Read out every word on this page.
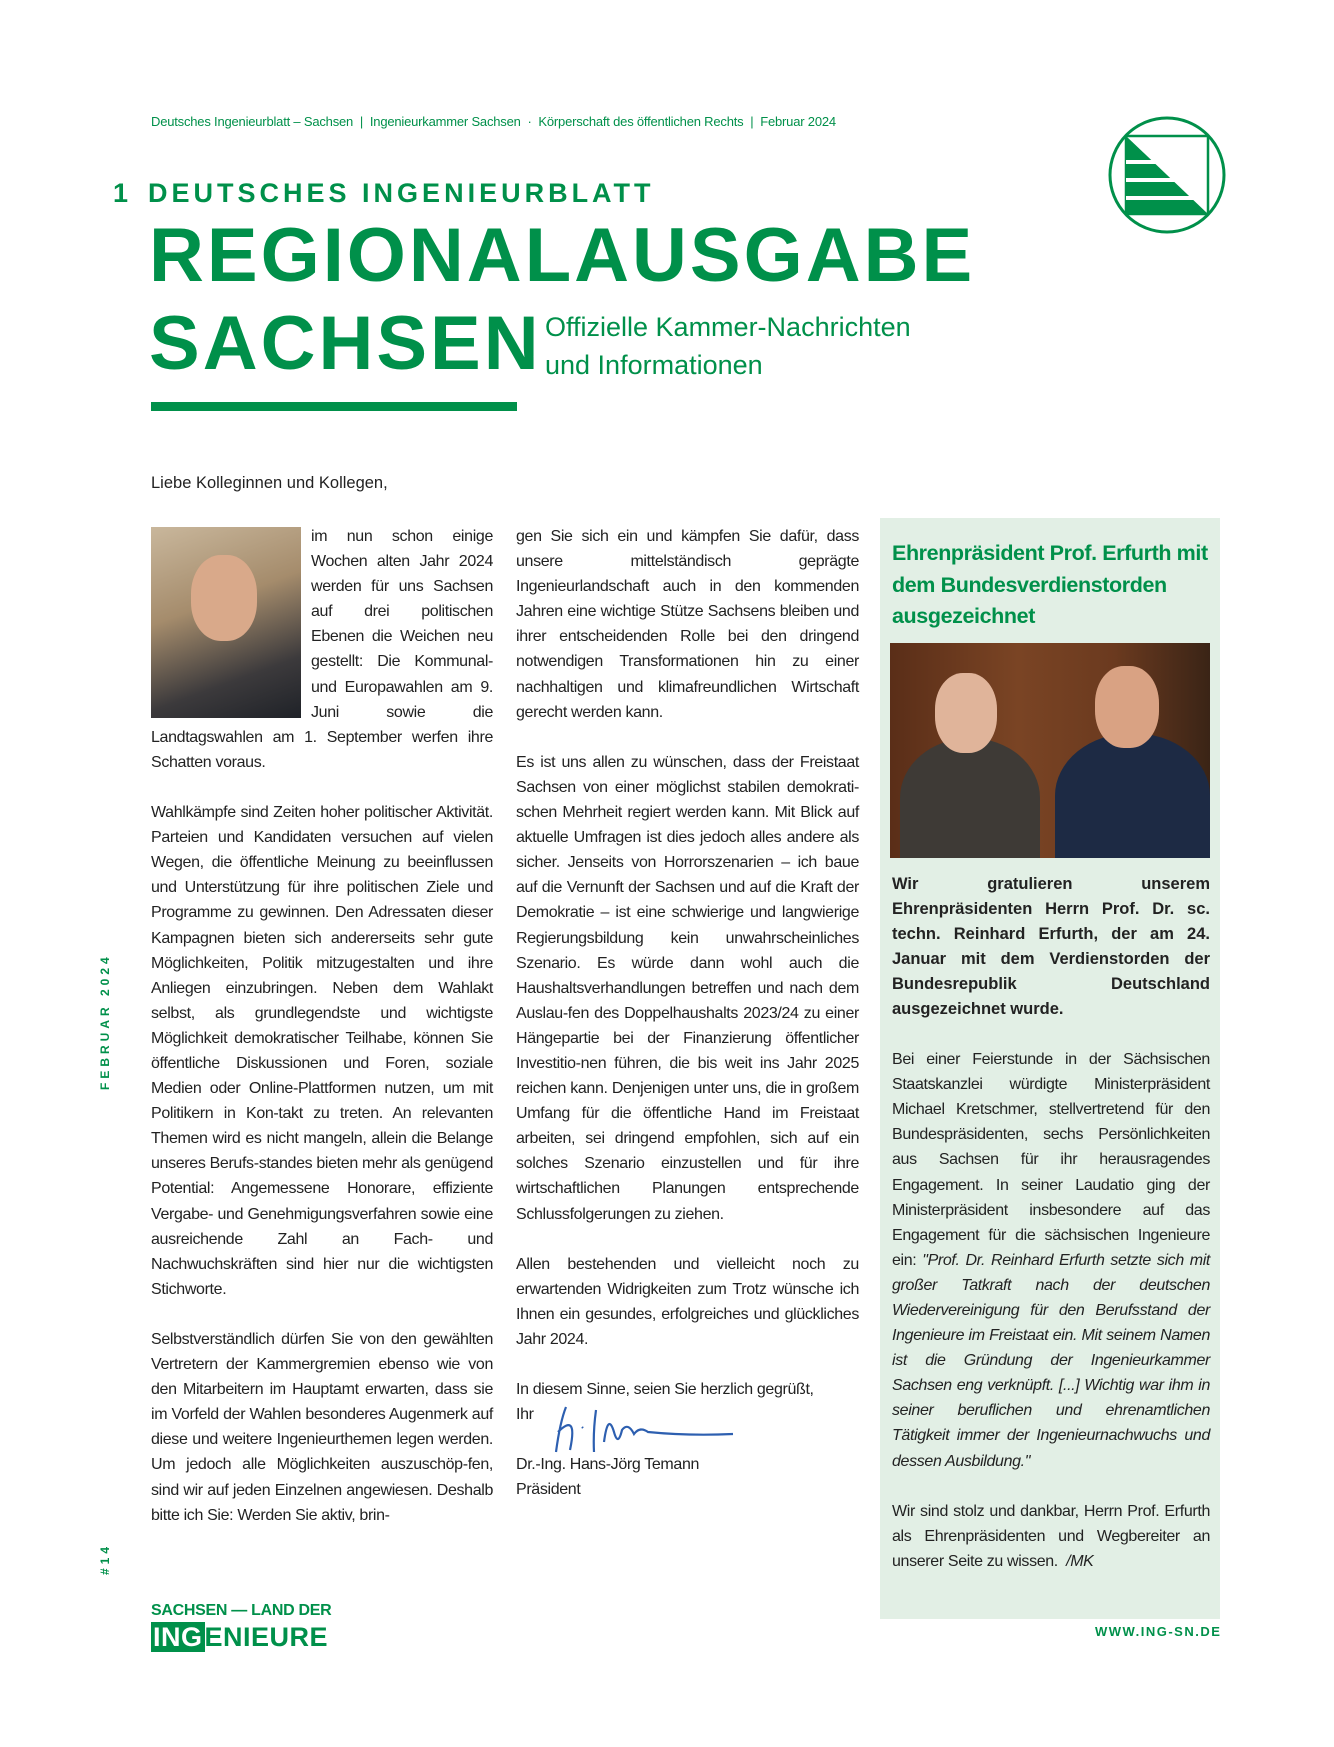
Deutsches Ingenieurblatt – Sachsen  |  Ingenieurkammer Sachsen  ·  Körperschaft des öffentlichen Rechts  |  Februar 2024
1 DEUTSCHES INGENIEURBLATT
REGIONALAUSGABE
SACHSEN Offizielle Kammer-Nachrichten
und Informationen
Liebe Kolleginnen und Kollegen,

im nun schon einige Wochen alten Jahr 2024 werden für uns Sachsen auf drei politischen Ebenen die Weichen neu gestellt: Die Kommunal- und Europawahlen am 9. Juni sowie die Landtagswahlen am 1. September werfen ihre Schatten voraus.

Wahlkämpfe sind Zeiten hoher politischer Aktivität. Parteien und Kandidaten versuchen auf vielen Wegen, die öffentliche Meinung zu beeinflussen und Unterstützung für ihre politischen Ziele und Programme zu gewinnen. Den Adressaten dieser Kampagnen bieten sich andererseits sehr gute Möglichkeiten, Politik mitzugestalten und ihre Anliegen einzubringen. Neben dem Wahlakt selbst, als grundlegendste und wichtigste Möglichkeit demokratischer Teilhabe, können Sie öffentliche Diskussionen und Foren, soziale Medien oder Online-Plattformen nutzen, um mit Politikern in Kon-takt zu treten. An relevanten Themen wird es nicht mangeln, allein die Belange unseres Berufs-standes bieten mehr als genügend Potential: Angemessene Honorare, effiziente Vergabe- und Genehmigungsverfahren sowie eine ausreichende Zahl an Fach- und Nachwuchskräften sind hier nur die wichtigsten Stichworte.

Selbstverständlich dürfen Sie von den gewählten Vertretern der Kammergremien ebenso wie von den Mitarbeitern im Hauptamt erwarten, dass sie im Vorfeld der Wahlen besonderes Augenmerk auf diese und weitere Ingenieurthemen legen werden. Um jedoch alle Möglichkeiten auszuschöp-fen, sind wir auf jeden Einzelnen angewiesen. Deshalb bitte ich Sie: Werden Sie aktiv, brin-

gen Sie sich ein und kämpfen Sie dafür, dass unsere mittelständisch geprägte Ingenieurlandschaft auch in den kommenden Jahren eine wichtige Stütze Sachsens bleiben und ihrer entscheidenden Rolle bei den dringend notwendigen Transformationen hin zu einer nachhaltigen und klimafreundlichen Wirtschaft gerecht werden kann.

Es ist uns allen zu wünschen, dass der Freistaat Sachsen von einer möglichst stabilen demokrati-schen Mehrheit regiert werden kann. Mit Blick auf aktuelle Umfragen ist dies jedoch alles andere als sicher. Jenseits von Horrorszenarien – ich baue auf die Vernunft der Sachsen und auf die Kraft der Demokratie – ist eine schwierige und langwierige Regierungsbildung kein unwahrscheinliches Szenario. Es würde dann wohl auch die Haushaltsverhandlungen betreffen und nach dem Auslau-fen des Doppelhaushalts 2023/24 zu einer Hängepartie bei der Finanzierung öffentlicher Investitio-nen führen, die bis weit ins Jahr 2025 reichen kann. Denjenigen unter uns, die in großem Umfang für die öffentliche Hand im Freistaat arbeiten, sei dringend empfohlen, sich auf ein solches Szenario einzustellen und für ihre wirtschaftlichen Planungen entsprechende Schlussfolgerungen zu ziehen.

Allen bestehenden und vielleicht noch zu erwartenden Widrigkeiten zum Trotz wünsche ich Ihnen ein gesundes, erfolgreiches und glückliches Jahr 2024.

In diesem Sinne, seien Sie herzlich gegrüßt,

Ihr
Dr.-Ing. Hans-Jörg Temann
Präsident
Ehrenpräsident Prof. Erfurth mit dem Bundesverdienstorden ausgezeichnet
Wir gratulieren unserem Ehrenpräsidenten Herrn Prof. Dr. sc. techn. Reinhard Erfurth, der am 24. Januar mit dem Verdienstorden der Bundesrepublik Deutschland ausgezeichnet wurde.

Bei einer Feierstunde in der Sächsischen Staatskanzlei würdigte Ministerpräsident Michael Kretschmer, stellvertretend für den Bundespräsidenten, sechs Persönlichkeiten aus Sachsen für ihr herausragendes Engagement. In seiner Laudatio ging der Ministerpräsident insbesondere auf das Engagement für die sächsischen Ingenieure ein: "Prof. Dr. Reinhard Erfurth setzte sich mit großer Tatkraft nach der deutschen Wiedervereinigung für den Berufsstand der Ingenieure im Freistaat ein. Mit seinem Namen ist die Gründung der Ingenieurkammer Sachsen eng verknüpft. [...] Wichtig war ihm in seiner beruflichen und ehrenamtlichen Tätigkeit immer der Ingenieurnachwuchs und dessen Ausbildung."

Wir sind stolz und dankbar, Herrn Prof. Erfurth als Ehrenpräsidenten und Wegbereiter an unserer Seite zu wissen. /MK

FEBRUAR 2024
#14
SACHSEN — LAND DER
INGENIEURE	WWW.ING-SN.DE
